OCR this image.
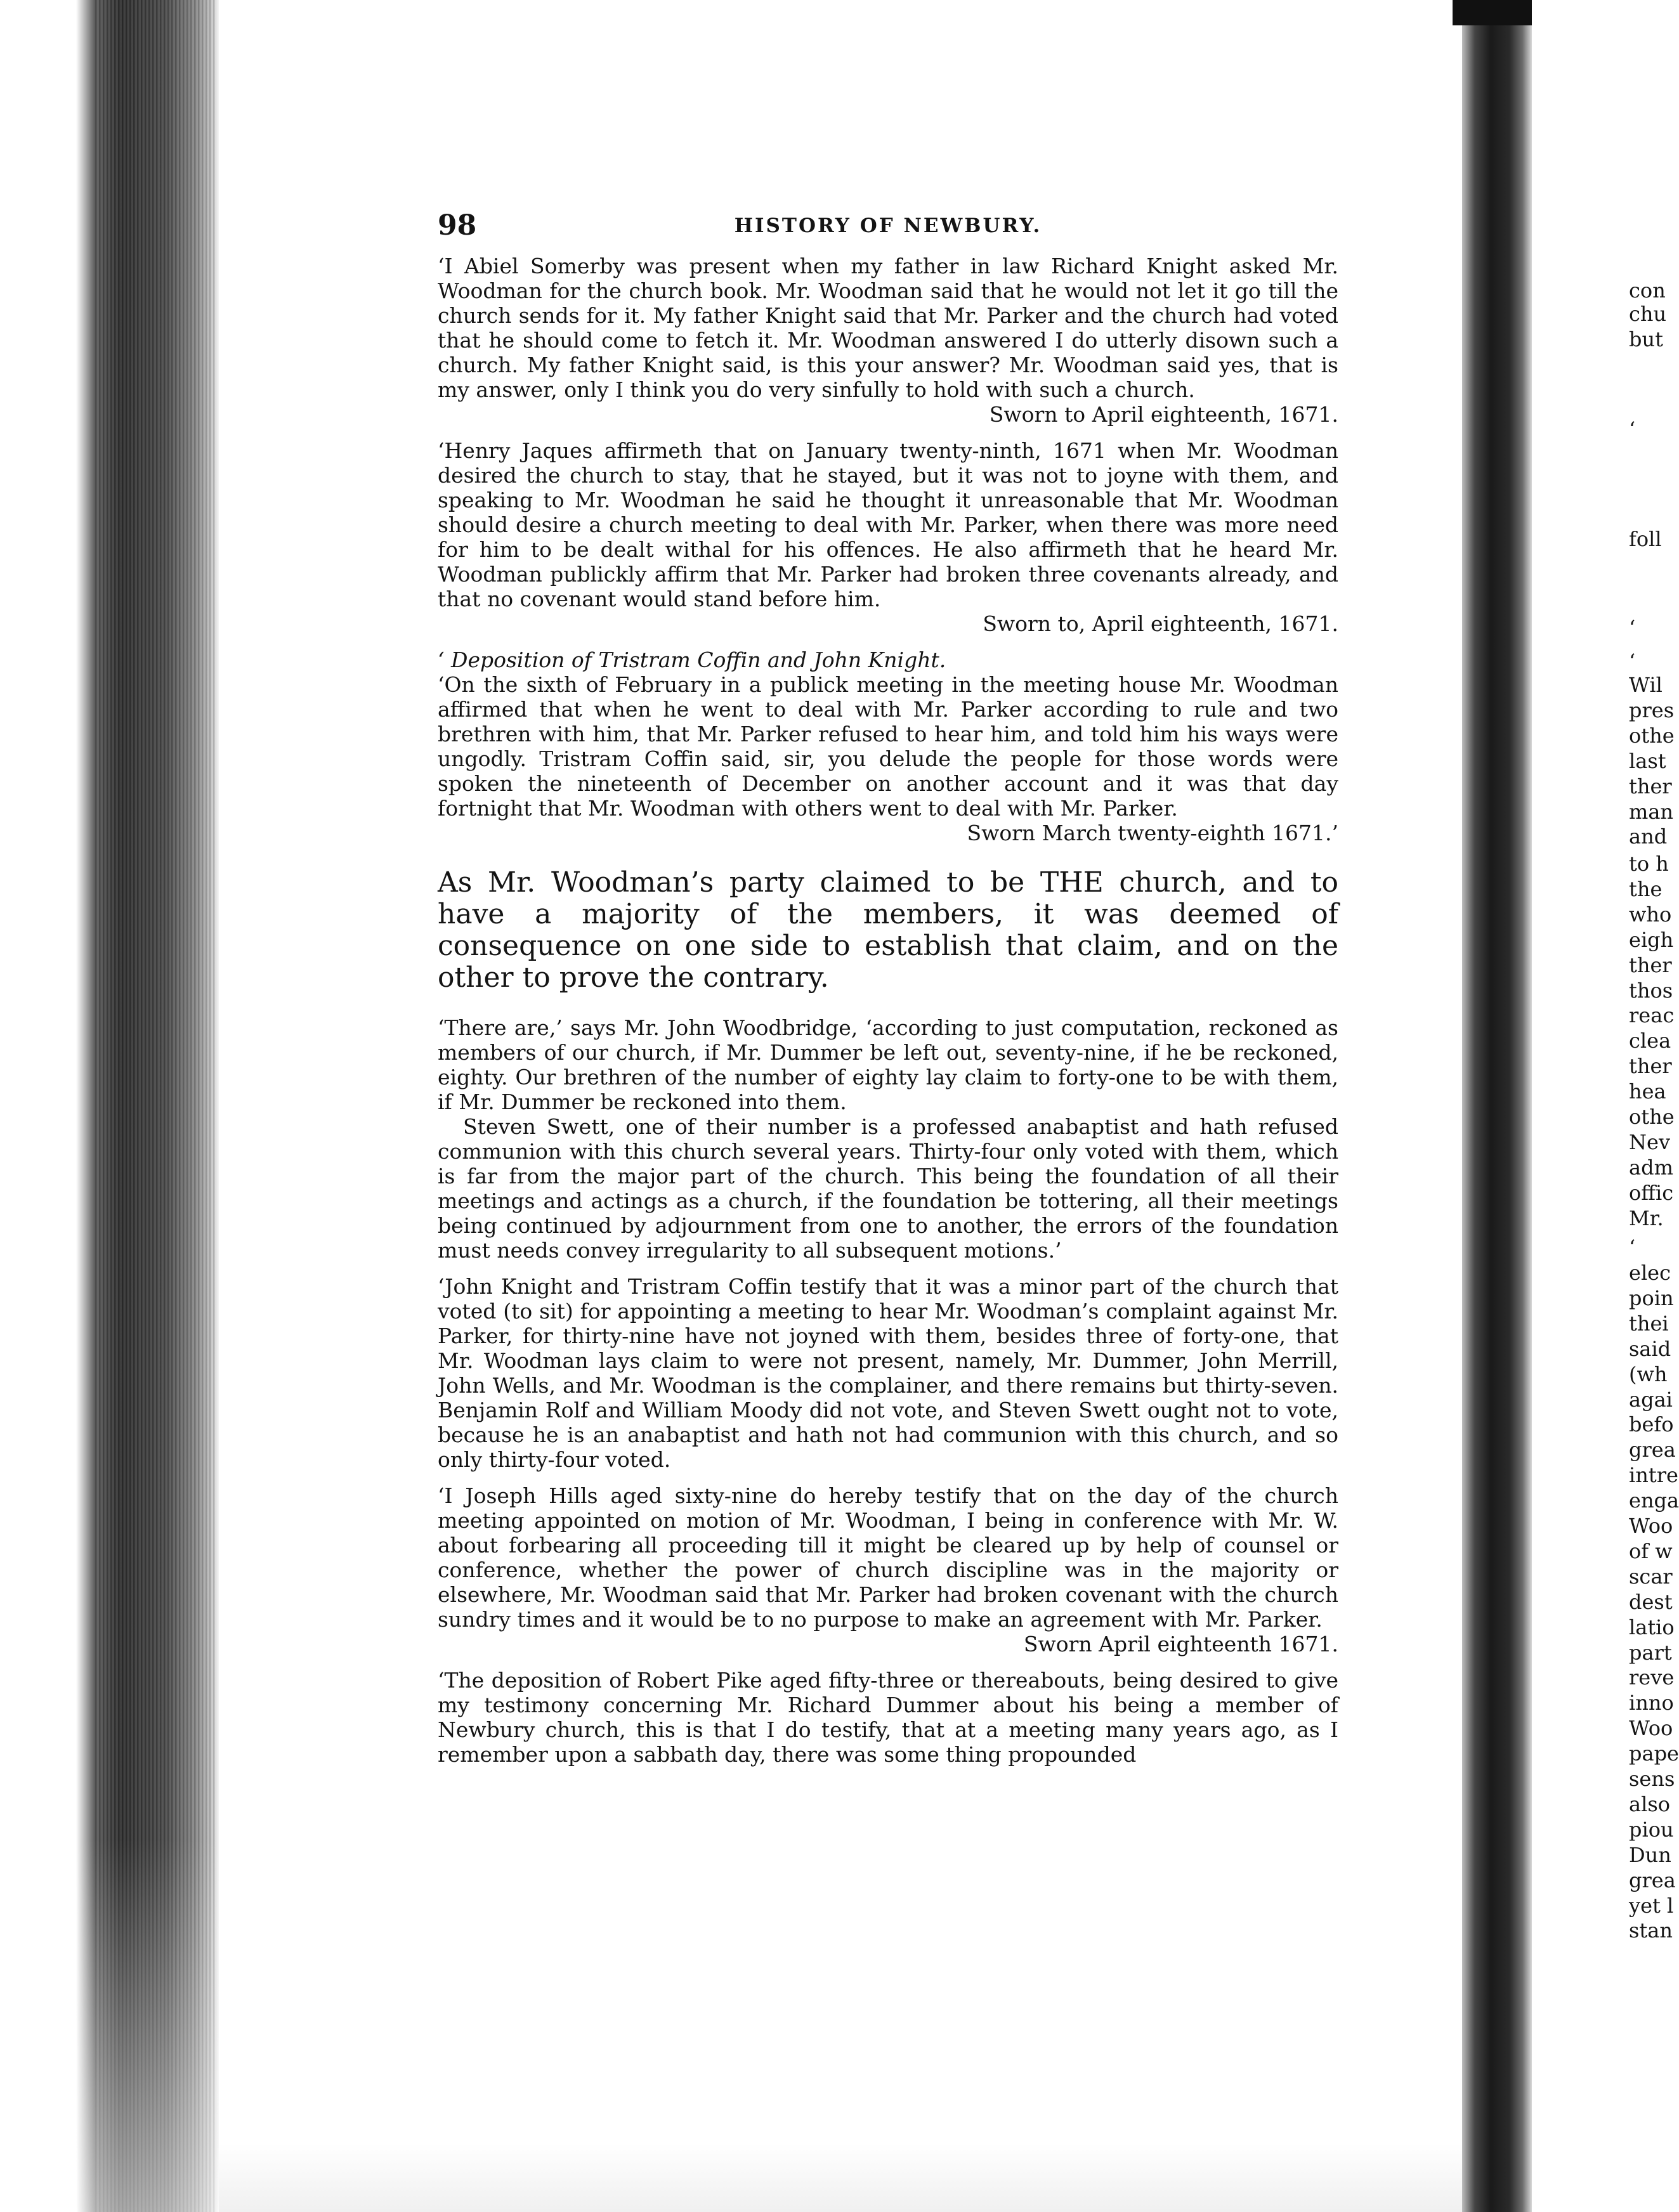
98	HISTORY OF NEWBURY.

‘I Abiel Somerby was present when my father in law Richard Knight asked Mr. Woodman for the church book. Mr. Woodman said that he would not let it go till the church sends for it. My father Knight said that Mr. Parker and the church had voted that he should come to fetch it. Mr. Woodman answered I do utterly disown such a church. My father Knight said, is this your answer? Mr. Woodman said yes, that is my answer, only I think you do very sinfully to hold with such a church.
Sworn to April eighteenth, 1671.

‘Henry Jaques affirmeth that on January twenty-ninth, 1671 when Mr. Woodman desired the church to stay, that he stayed, but it was not to joyne with them, and speaking to Mr. Woodman he said he thought it unreasonable that Mr. Woodman should desire a church meeting to deal with Mr. Parker, when there was more need for him to be dealt withal for his offences. He also affirmeth that he heard Mr. Woodman publickly affirm that Mr. Parker had broken three covenants already, and that no covenant would stand before him.
Sworn to, April eighteenth, 1671.

‘ Deposition of Tristram Coffin and John Knight.
‘On the sixth of February in a publick meeting in the meeting house Mr. Woodman affirmed that when he went to deal with Mr. Parker according to rule and two brethren with him, that Mr. Parker refused to hear him, and told him his ways were ungodly. Tristram Coffin said, sir, you delude the people for those words were spoken the nineteenth of December on another account and it was that day fortnight that Mr. Woodman with others went to deal with Mr. Parker.
Sworn March twenty-eighth 1671.’

As Mr. Woodman’s party claimed to be THE church, and to have a majority of the members, it was deemed of consequence on one side to establish that claim, and on the other to prove the contrary.

‘There are,’ says Mr. John Woodbridge, ‘according to just computation, reckoned as members of our church, if Mr. Dummer be left out, seventy-nine, if he be reckoned, eighty. Our brethren of the number of eighty lay claim to forty-one to be with them, if Mr. Dummer be reckoned into them.

Steven Swett, one of their number is a professed anabaptist and hath refused communion with this church several years. Thirty-four only voted with them, which is far from the major part of the church. This being the foundation of all their meetings and actings as a church, if the foundation be tottering, all their meetings being continued by adjournment from one to another, the errors of the foundation must needs convey irregularity to all subsequent motions.’

‘John Knight and Tristram Coffin testify that it was a minor part of the church that voted (to sit) for appointing a meeting to hear Mr. Woodman’s complaint against Mr. Parker, for thirty-nine have not joyned with them, besides three of forty-one, that Mr. Woodman lays claim to were not present, namely, Mr. Dummer, John Merrill, John Wells, and Mr. Woodman is the complainer, and there remains but thirty-seven. Benjamin Rolf and William Moody did not vote, and Steven Swett ought not to vote, because he is an anabaptist and hath not had communion with this church, and so only thirty-four voted.

‘I Joseph Hills aged sixty-nine do hereby testify that on the day of the church meeting appointed on motion of Mr. Woodman, I being in conference with Mr. W. about forbearing all proceeding till it might be cleared up by help of counsel or conference, whether the power of church discipline was in the majority or elsewhere, Mr. Woodman said that Mr. Parker had broken covenant with the church sundry times and it would be to no purpose to make an agreement with Mr. Parker.
Sworn April eighteenth 1671.

‘The deposition of Robert Pike aged fifty-three or thereabouts, being desired to give my testimony concerning Mr. Richard Dummer about his being a member of Newbury church, this is that I do testify, that at a meeting many years ago, as I remember upon a sabbath day, there was some thing propounded

con
chu
but
‘
foll
‘
‘
Wil
pres
othe
last
ther
man
and
to h
the
who
eigh
ther
thos
reac
clea
ther
hea
othe
Nev
adm
offic
Mr.
‘
elec
poin
thei
said
(wh
agai
befo
grea
intre
enga
Woo
of w
scar
dest
latio
part
reve
inno
Woo
pape
sens
also
piou
Dun
grea
yet l
stan
